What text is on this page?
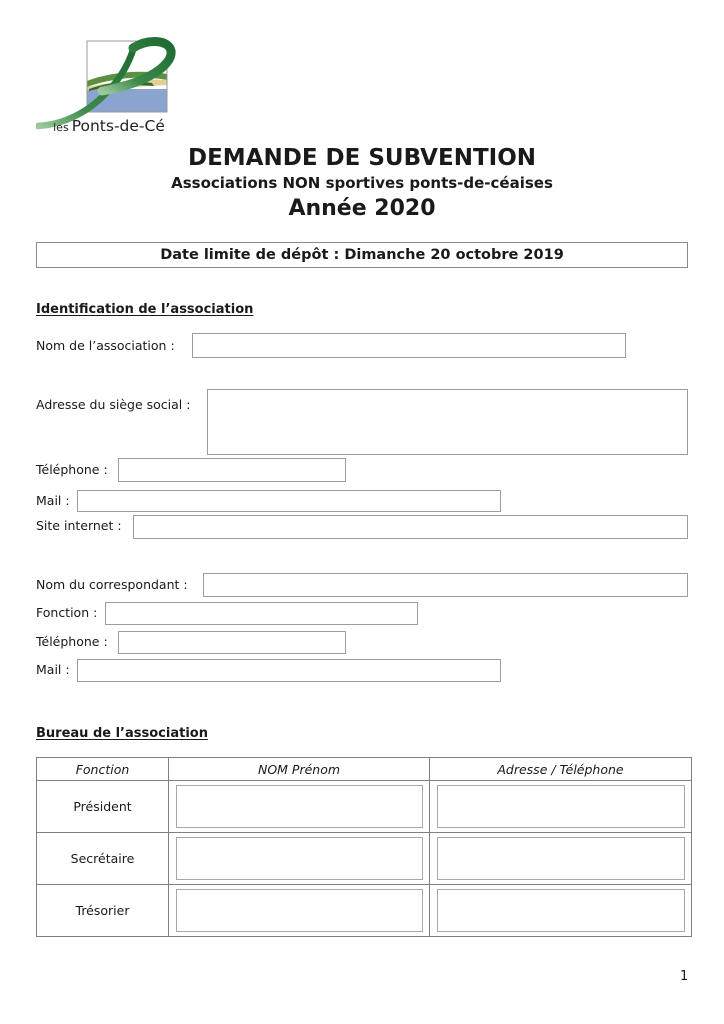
les Ponts-de-Cé
DEMANDE DE SUBVENTION
Associations NON sportives ponts-de-céaises
Année 2020
Date limite de dépôt : Dimanche 20 octobre 2019
Identification de l’association
Nom de l’association :
Adresse du siège social :
Téléphone :
Mail :
Site internet :
Nom du correspondant :
Fonction :
Téléphone :
Mail :
Bureau de l’association
Fonction	NOM Prénom	Adresse / Téléphone
Président	

Secrétaire	

Trésorier	

1
